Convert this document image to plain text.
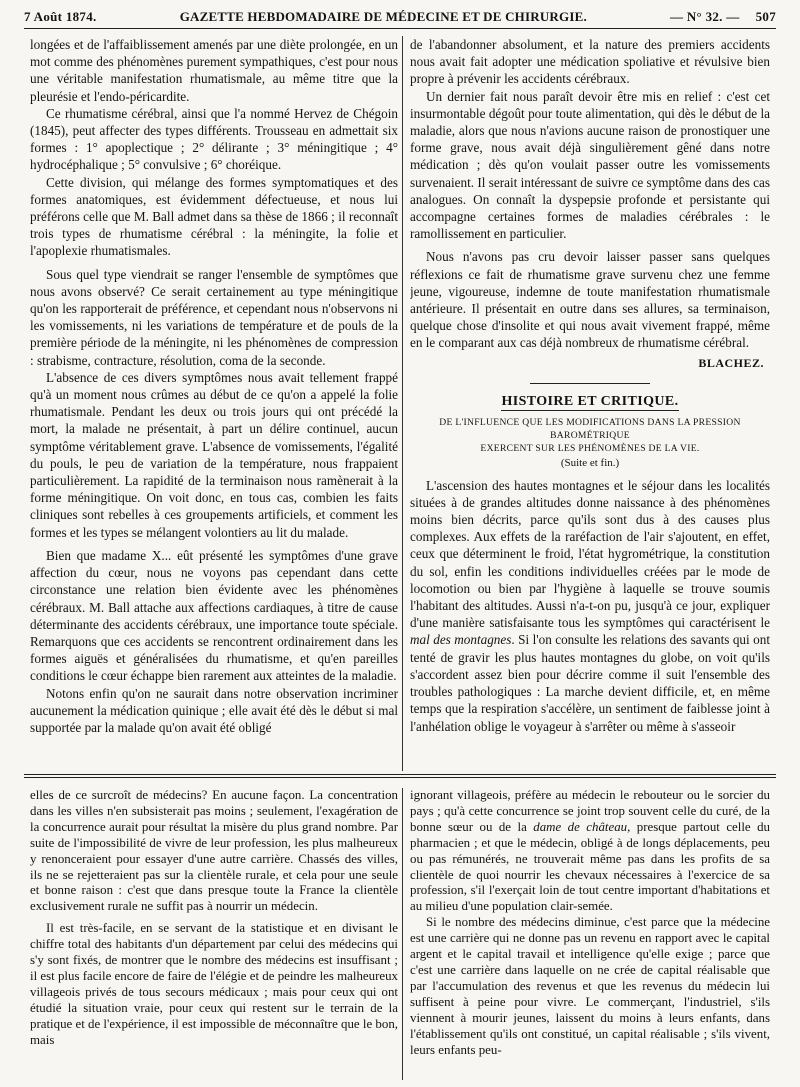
7 Août 1874.	GAZETTE HEBDOMADAIRE DE MÉDECINE ET DE CHIRURGIE.	— N° 32. — 507

longées et de l'affaiblissement amenés par une diète prolongée, en un mot comme des phénomènes purement sympathiques, c'est pour nous une véritable manifestation rhumatismale, au même titre que la pleurésie et l'endo-péricardite.

Ce rhumatisme cérébral, ainsi que l'a nommé Hervez de Chégoin (1845), peut affecter des types différents. Trousseau en admettait six formes : 1° apoplectique ; 2° délirante ; 3° méningitique ; 4° hydrocéphalique ; 5° convulsive ; 6° choréique.

Cette division, qui mélange des formes symptomatiques et des formes anatomiques, est évidemment défectueuse, et nous lui préférons celle que M. Ball admet dans sa thèse de 1866 ; il reconnaît trois types de rhumatisme cérébral : la méningite, la folie et l'apoplexie rhumatismales.

Sous quel type viendrait se ranger l'ensemble de symptômes que nous avons observé? Ce serait certainement au type méningitique qu'on les rapporterait de préférence, et cependant nous n'observons ni les vomissements, ni les variations de température et de pouls de la première période de la méningite, ni les phénomènes de compression : strabisme, contracture, résolution, coma de la seconde.

L'absence de ces divers symptômes nous avait tellement frappé qu'à un moment nous crûmes au début de ce qu'on a appelé la folie rhumatismale. Pendant les deux ou trois jours qui ont précédé la mort, la malade ne présentait, à part un délire continuel, aucun symptôme véritablement grave. L'absence de vomissements, l'égalité du pouls, le peu de variation de la température, nous frappaient particulièrement. La rapidité de la terminaison nous ramènerait à la forme méningitique. On voit donc, en tous cas, combien les faits cliniques sont rebelles à ces groupements artificiels, et comment les formes et les types se mélangent volontiers au lit du malade.

Bien que madame X... eût présenté les symptômes d'une grave affection du cœur, nous ne voyons pas cependant dans cette circonstance une relation bien évidente avec les phénomènes cérébraux. M. Ball attache aux affections cardiaques, à titre de cause déterminante des accidents cérébraux, une importance toute spéciale. Remarquons que ces accidents se rencontrent ordinairement dans les formes aiguës et généralisées du rhumatisme, et qu'en pareilles conditions le cœur échappe bien rarement aux atteintes de la maladie.

Notons enfin qu'on ne saurait dans notre observation incriminer aucunement la médication quinique ; elle avait été dès le début si mal supportée par la malade qu'on avait été obligé

de l'abandonner absolument, et la nature des premiers accidents nous avait fait adopter une médication spoliative et révulsive bien propre à prévenir les accidents cérébraux.

Un dernier fait nous paraît devoir être mis en relief : c'est cet insurmontable dégoût pour toute alimentation, qui dès le début de la maladie, alors que nous n'avions aucune raison de pronostiquer une forme grave, nous avait déjà singulièrement gêné dans notre médication ; dès qu'on voulait passer outre les vomissements survenaient. Il serait intéressant de suivre ce symptôme dans des cas analogues. On connaît la dyspepsie profonde et persistante qui accompagne certaines formes de maladies cérébrales : le ramollissement en particulier.

Nous n'avons pas cru devoir laisser passer sans quelques réflexions ce fait de rhumatisme grave survenu chez une femme jeune, vigoureuse, indemne de toute manifestation rhumatismale antérieure. Il présentait en outre dans ses allures, sa terminaison, quelque chose d'insolite et qui nous avait vivement frappé, même en le comparant aux cas déjà nombreux de rhumatisme cérébral.

BLACHEZ.
HISTOIRE ET CRITIQUE.
DE L'INFLUENCE QUE LES MODIFICATIONS DANS LA PRESSION BAROMÉTRIQUE
EXERCENT SUR LES PHÉNOMÈNES DE LA VIE.
(Suite et fin.)

L'ascension des hautes montagnes et le séjour dans les localités situées à de grandes altitudes donne naissance à des phénomènes moins bien décrits, parce qu'ils sont dus à des causes plus complexes. Aux effets de la raréfaction de l'air s'ajoutent, en effet, ceux que déterminent le froid, l'état hygrométrique, la constitution du sol, enfin les conditions individuelles créées par le mode de locomotion ou bien par l'hygiène à laquelle se trouve soumis l'habitant des altitudes. Aussi n'a-t-on pu, jusqu'à ce jour, expliquer d'une manière satisfaisante tous les symptômes qui caractérisent le mal des montagnes. Si l'on consulte les relations des savants qui ont tenté de gravir les plus hautes montagnes du globe, on voit qu'ils s'accordent assez bien pour décrire comme il suit l'ensemble des troubles pathologiques : La marche devient difficile, et, en même temps que la respiration s'accélère, un sentiment de faiblesse joint à l'anhélation oblige le voyageur à s'arrêter ou même à s'asseoir

elles de ce surcroît de médecins? En aucune façon. La concentration dans les villes n'en subsisterait pas moins ; seulement, l'exagération de la concurrence aurait pour résultat la misère du plus grand nombre. Par suite de l'impossibilité de vivre de leur profession, les plus malheureux y renonceraient pour essayer d'une autre carrière. Chassés des villes, ils ne se rejetteraient pas sur la clientèle rurale, et cela pour une seule et bonne raison : c'est que dans presque toute la France la clientèle exclusivement rurale ne suffit pas à nourrir un médecin.

Il est très-facile, en se servant de la statistique et en divisant le chiffre total des habitants d'un département par celui des médecins qui s'y sont fixés, de montrer que le nombre des médecins est insuffisant ; il est plus facile encore de faire de l'élégie et de peindre les malheureux villageois privés de tous secours médicaux ; mais pour ceux qui ont étudié la situation vraie, pour ceux qui restent sur le terrain de la pratique et de l'expérience, il est impossible de méconnaître que le bon, mais

ignorant villageois, préfère au médecin le rebouteur ou le sorcier du pays ; qu'à cette concurrence se joint trop souvent celle du curé, de la bonne sœur ou de la dame de château, presque partout celle du pharmacien ; et que le médecin, obligé à de longs déplacements, peu ou pas rémunérés, ne trouverait même pas dans les profits de sa clientèle de quoi nourrir les chevaux nécessaires à l'exercice de sa profession, s'il l'exerçait loin de tout centre important d'habitations et au milieu d'une population clair-semée.

Si le nombre des médecins diminue, c'est parce que la médecine est une carrière qui ne donne pas un revenu en rapport avec le capital argent et le capital travail et intelligence qu'elle exige ; parce que c'est une carrière dans laquelle on ne crée de capital réalisable que par l'accumulation des revenus et que les revenus du médecin lui suffisent à peine pour vivre. Le commerçant, l'industriel, s'ils viennent à mourir jeunes, laissent du moins à leurs enfants, dans l'établissement qu'ils ont constitué, un capital réalisable ; s'ils vivent, leurs enfants peu-
